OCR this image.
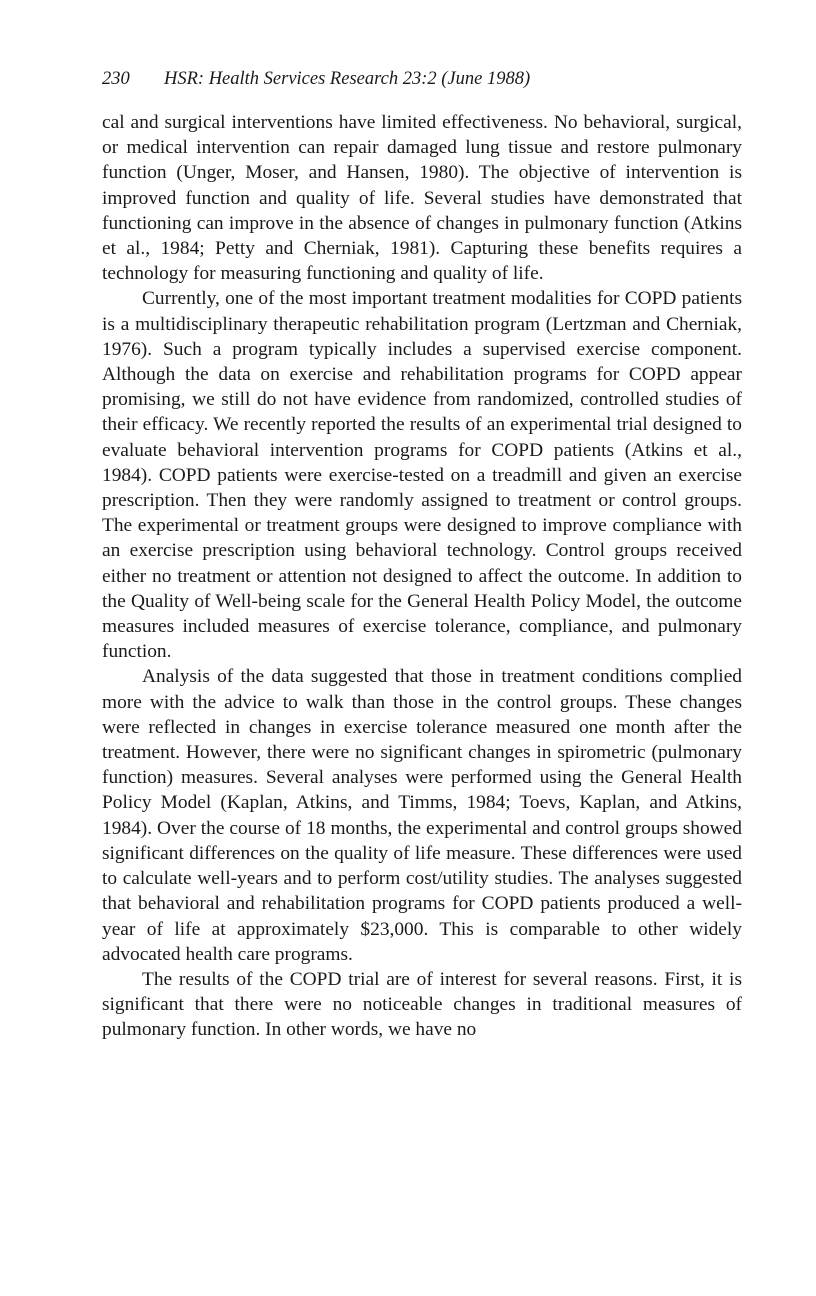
230 HSR: Health Services Research 23:2 (June 1988)

cal and surgical interventions have limited effectiveness. No behavioral, surgical, or medical intervention can repair damaged lung tissue and restore pulmonary function (Unger, Moser, and Hansen, 1980). The objective of intervention is improved function and quality of life. Several studies have demonstrated that functioning can improve in the absence of changes in pulmonary function (Atkins et al., 1984; Petty and Cherniak, 1981). Capturing these benefits requires a technology for measuring functioning and quality of life.

Currently, one of the most important treatment modalities for COPD patients is a multidisciplinary therapeutic rehabilitation program (Lertzman and Cherniak, 1976). Such a program typically includes a supervised exercise component. Although the data on exercise and rehabilitation programs for COPD appear promising, we still do not have evidence from randomized, controlled studies of their efficacy. We recently reported the results of an experimental trial designed to evaluate behavioral intervention programs for COPD patients (Atkins et al., 1984). COPD patients were exercise-tested on a treadmill and given an exercise prescription. Then they were randomly assigned to treatment or control groups. The experimental or treatment groups were designed to improve compliance with an exercise prescription using behavioral technology. Control groups received either no treatment or attention not designed to affect the outcome. In addition to the Quality of Well-being scale for the General Health Policy Model, the outcome measures included measures of exercise tolerance, compliance, and pulmonary function.

Analysis of the data suggested that those in treatment conditions complied more with the advice to walk than those in the control groups. These changes were reflected in changes in exercise tolerance measured one month after the treatment. However, there were no significant changes in spirometric (pulmonary function) measures. Several analyses were performed using the General Health Policy Model (Kaplan, Atkins, and Timms, 1984; Toevs, Kaplan, and Atkins, 1984). Over the course of 18 months, the experimental and control groups showed significant differences on the quality of life measure. These differences were used to calculate well-years and to perform cost/utility studies. The analyses suggested that behavioral and rehabilitation programs for COPD patients produced a well-year of life at approximately $23,000. This is comparable to other widely advocated health care programs.

The results of the COPD trial are of interest for several reasons. First, it is significant that there were no noticeable changes in traditional measures of pulmonary function. In other words, we have no
